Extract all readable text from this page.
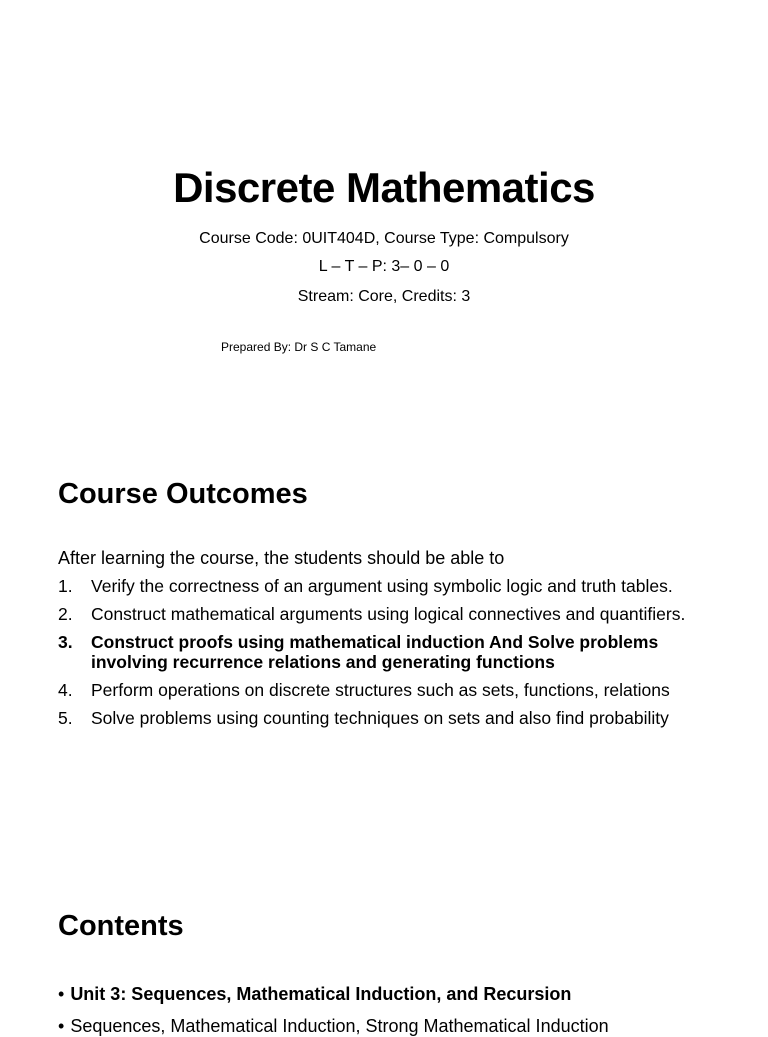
Discrete Mathematics
Course Code: 0UIT404D, Course Type: Compulsory
L – T – P: 3– 0 – 0
Stream: Core, Credits: 3
Prepared By: Dr S C Tamane
Course Outcomes
After learning the course, the students should be able to
1. Verify the correctness of an argument using symbolic logic and truth tables.
2. Construct mathematical arguments using logical connectives and quantifiers.
3. Construct proofs using mathematical induction And Solve problems involving recurrence relations and generating functions
4. Perform operations on discrete structures such as sets, functions, relations
5. Solve problems using counting techniques on sets and also find probability
Contents
• Unit 3: Sequences, Mathematical Induction, and Recursion
• Sequences, Mathematical Induction, Strong Mathematical Induction
